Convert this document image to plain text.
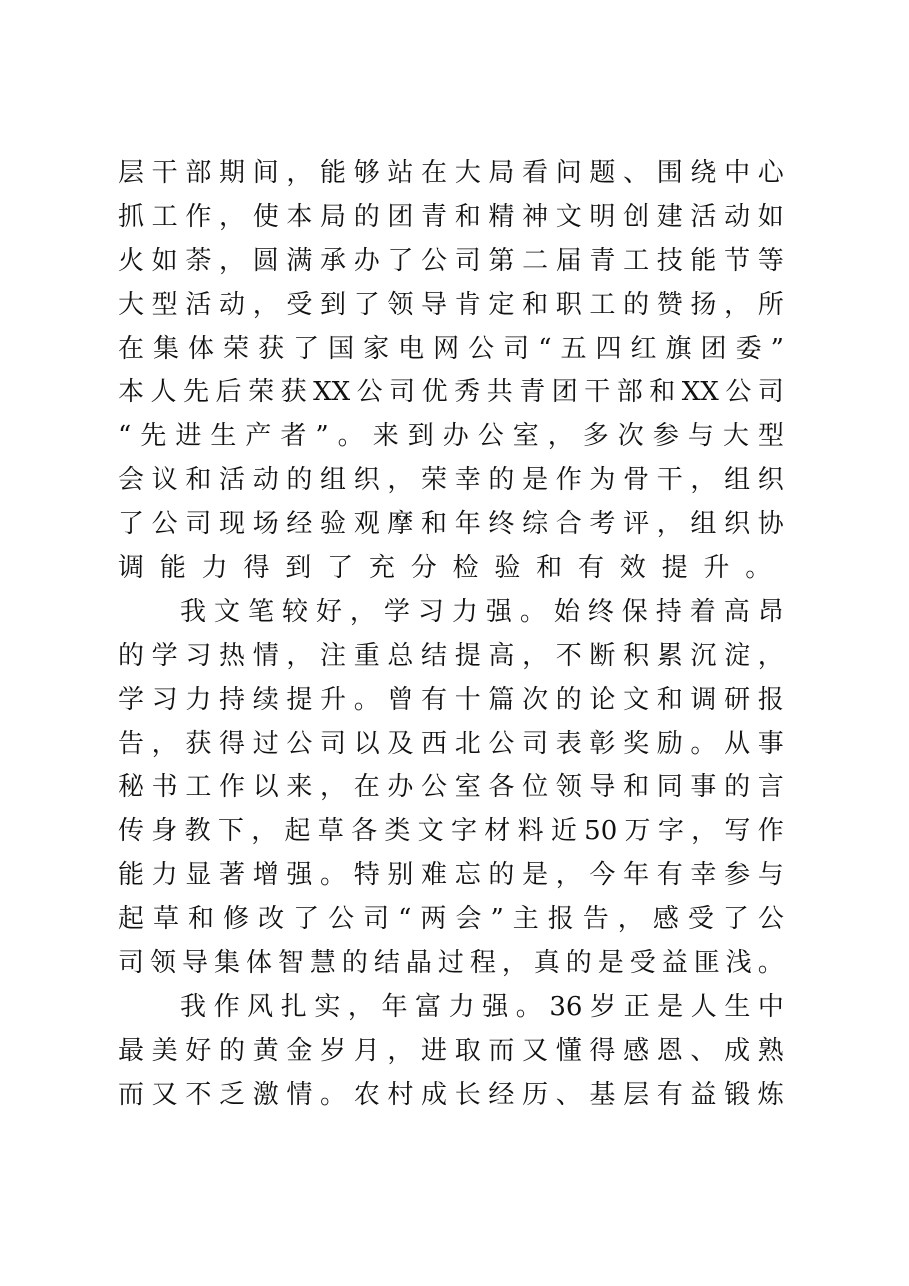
层 干 部 期 间 ， 能 够 站 在 大 局 看 问 题 、 围 绕 中 心
抓 工 作 ， 使 本 局 的 团 青 和 精 神 文 明 创 建 活 动 如
火 如 荼 ， 圆 满 承 办 了 公 司 第 二 届 青 工 技 能 节 等
大 型 活 动 ， 受 到 了 领 导 肯 定 和 职 工 的 赞 扬 ， 所
在 集 体 荣 获 了 国 家 电 网 公 司 “ 五 四 红 旗 团 委 ”
本 人 先 后 荣 获 XX 公 司 优 秀 共 青 团 干 部 和 XX 公 司
“ 先 进 生 产 者 ” 。 来 到 办 公 室 ， 多 次 参 与 大 型
会 议 和 活 动 的 组 织 ， 荣 幸 的 是 作 为 骨 干 ， 组 织
了 公 司 现 场 经 验 观 摩 和 年 终 综 合 考 评 ， 组 织 协
调 能 力 得 到 了 充 分 检 验 和 有 效 提 升 。
我 文 笔 较 好 ， 学 习 力 强 。 始 终 保 持 着 高 昂
的 学 习 热 情 ， 注 重 总 结 提 高 ， 不 断 积 累 沉 淀 ，
学 习 力 持 续 提 升 。 曾 有 十 篇 次 的 论 文 和 调 研 报
告 ， 获 得 过 公 司 以 及 西 北 公 司 表 彰 奖 励 。 从 事
秘 书 工 作 以 来 ， 在 办 公 室 各 位 领 导 和 同 事 的 言
传 身 教 下 ， 起 草 各 类 文 字 材 料 近 50 万 字 ， 写 作
能 力 显 著 增 强 。 特 别 难 忘 的 是 ， 今 年 有 幸 参 与
起 草 和 修 改 了 公 司 “ 两 会 ” 主 报 告 ， 感 受 了 公
司 领 导 集 体 智 慧 的 结 晶 过 程 ， 真 的 是 受 益 匪 浅 。
我 作 风 扎 实 ， 年 富 力 强 。 36 岁 正 是 人 生 中
最 美 好 的 黄 金 岁 月 ， 进 取 而 又 懂 得 感 恩 、 成 熟
而 又 不 乏 激 情 。 农 村 成 长 经 历 、 基 层 有 益 锻 炼
